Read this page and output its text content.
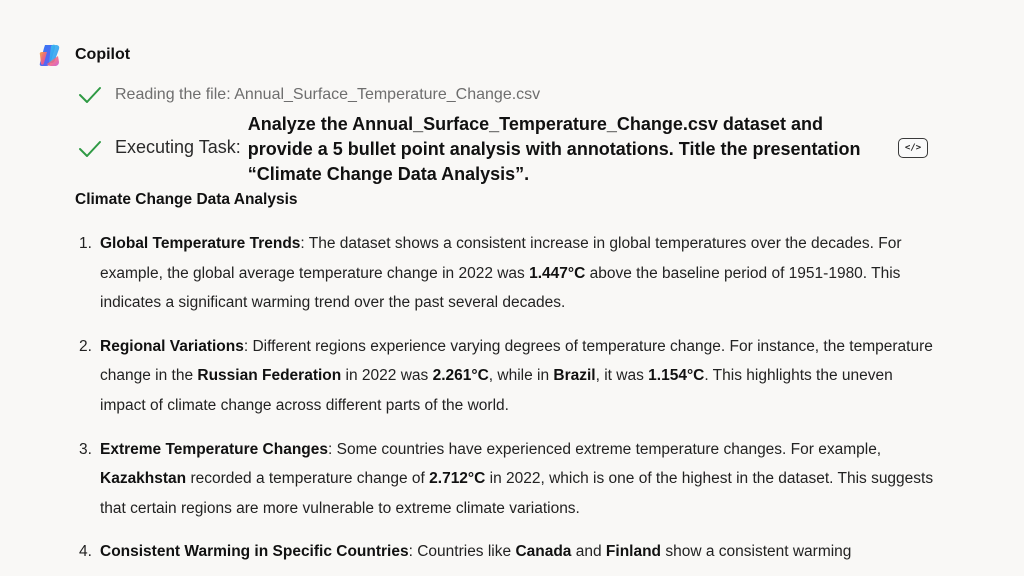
Copilot
Reading the file: Annual_Surface_Temperature_Change.csv
Executing Task:
Analyze the Annual_Surface_Temperature_Change.csv dataset and provide a 5 bullet point analysis with annotations. Title the presentation “Climate Change Data Analysis”.
</>
Climate Change Data Analysis
1. Global Temperature Trends: The dataset shows a consistent increase in global temperatures over the decades. For example, the global average temperature change in 2022 was 1.447°C above the baseline period of 1951-1980. This indicates a significant warming trend over the past several decades.
2. Regional Variations: Different regions experience varying degrees of temperature change. For instance, the temperature change in the Russian Federation in 2022 was 2.261°C, while in Brazil, it was 1.154°C. This highlights the uneven impact of climate change across different parts of the world.
3. Extreme Temperature Changes: Some countries have experienced extreme temperature changes. For example, Kazakhstan recorded a temperature change of 2.712°C in 2022, which is one of the highest in the dataset. This suggests that certain regions are more vulnerable to extreme climate variations.
4. Consistent Warming in Specific Countries: Countries like Canada and Finland show a consistent warming
